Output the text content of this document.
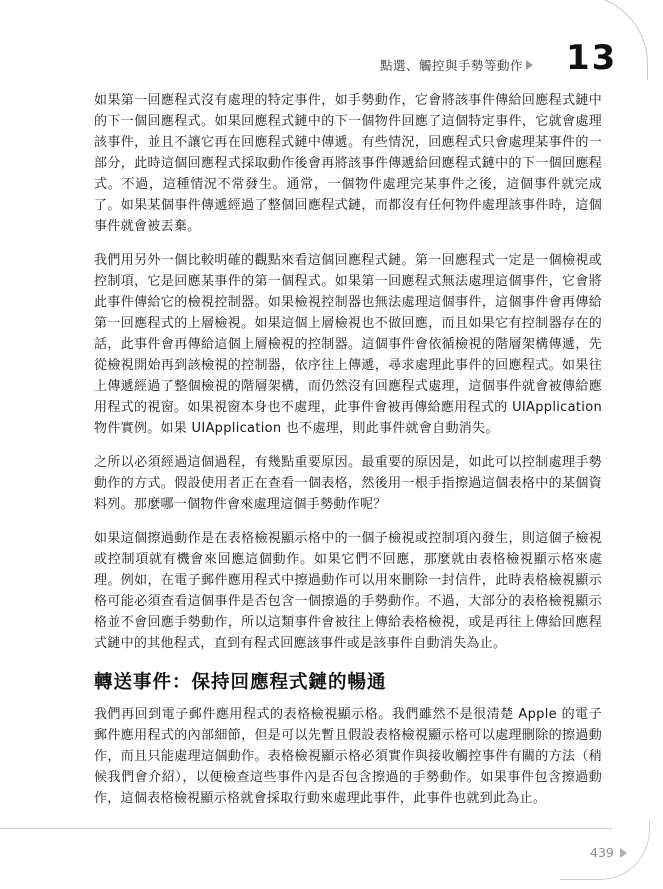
點選、觸控與手勢等動作 13

如果第一回應程式沒有處理的特定事件，如手勢動作，它會將該事件傳給回應程式鏈中的下一個回應程式。如果回應程式鏈中的下一個物件回應了這個特定事件，它就會處理該事件，並且不讓它再在回應程式鏈中傳遞。有些情況，回應程式只會處理某事件的一部分，此時這個回應程式採取動作後會再將該事件傳遞給回應程式鏈中的下一個回應程式。不過，這種情況不常發生。通常，一個物件處理完某事件之後，這個事件就完成了。如果某個事件傳遞經過了整個回應程式鏈，而都沒有任何物件處理該事件時，這個事件就會被丟棄。

我們用另外一個比較明確的觀點來看這個回應程式鏈。第一回應程式一定是一個檢視或控制項，它是回應某事件的第一個程式。如果第一回應程式無法處理這個事件，它會將此事件傳給它的檢視控制器。如果檢視控制器也無法處理這個事件，這個事件會再傳給第一回應程式的上層檢視。如果這個上層檢視也不做回應，而且如果它有控制器存在的話，此事件會再傳給這個上層檢視的控制器。這個事件會依循檢視的階層架構傳遞，先從檢視開始再到該檢視的控制器，依序往上傳遞，尋求處理此事件的回應程式。如果往上傳遞經過了整個檢視的階層架構，而仍然沒有回應程式處理，這個事件就會被傳給應用程式的視窗。如果視窗本身也不處理，此事件會被再傳給應用程式的 UIApplication 物件實例。如果 UIApplication 也不處理，則此事件就會自動消失。

之所以必須經過這個過程，有幾點重要原因。最重要的原因是，如此可以控制處理手勢動作的方式。假設使用者正在查看一個表格，然後用一根手指擦過這個表格中的某個資料列。那麼哪一個物件會來處理這個手勢動作呢？

如果這個擦過動作是在表格檢視顯示格中的一個子檢視或控制項內發生，則這個子檢視或控制項就有機會來回應這個動作。如果它們不回應，那麼就由表格檢視顯示格來處理。例如，在電子郵件應用程式中擦過動作可以用來刪除一封信件，此時表格檢視顯示格可能必須查看這個事件是否包含一個擦過的手勢動作。不過，大部分的表格檢視顯示格並不會回應手勢動作，所以這類事件會被往上傳給表格檢視，或是再往上傳給回應程式鏈中的其他程式，直到有程式回應該事件或是該事件自動消失為止。

轉送事件：保持回應程式鏈的暢通

我們再回到電子郵件應用程式的表格檢視顯示格。我們雖然不是很清楚 Apple 的電子郵件應用程式的內部細節，但是可以先暫且假設表格檢視顯示格可以處理刪除的擦過動作，而且只能處理這個動作。表格檢視顯示格必須實作與接收觸控事件有關的方法（稍候我們會介紹），以便檢查這些事件內是否包含擦過的手勢動作。如果事件包含擦過動作，這個表格檢視顯示格就會採取行動來處理此事件，此事件也就到此為止。

439
